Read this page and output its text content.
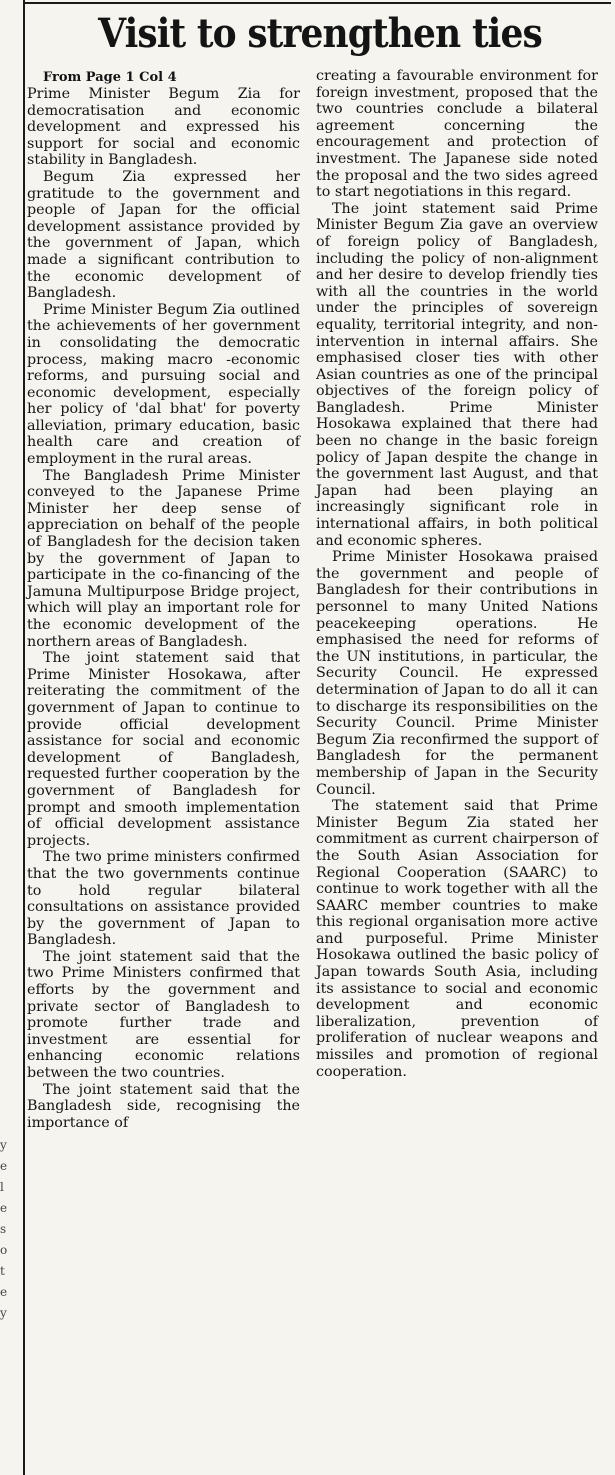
Visit to strengthen ties

From Page 1 Col 4

Prime Minister Begum Zia for democratisation and economic development and expressed his support for social and economic stability in Bangladesh.

Begum Zia expressed her gratitude to the government and people of Japan for the official development assistance provided by the government of Japan, which made a significant contribution to the economic development of Bangladesh.

Prime Minister Begum Zia outlined the achievements of her government in consolidating the democratic process, making macro -economic reforms, and pursuing social and economic development, especially her policy of 'dal bhat' for poverty alleviation, primary education, basic health care and creation of employment in the rural areas.

The Bangladesh Prime Minister conveyed to the Japanese Prime Minister her deep sense of appreciation on behalf of the people of Bangladesh for the decision taken by the government of Japan to participate in the co-financing of the Jamuna Multipurpose Bridge project, which will play an important role for the economic development of the northern areas of Bangladesh.

The joint statement said that Prime Minister Hosokawa, after reiterating the commitment of the government of Japan to continue to provide official development assistance for social and economic development of Bangladesh, requested further cooperation by the government of Bangladesh for prompt and smooth implementation of official development assistance projects.

The two prime ministers confirmed that the two governments continue to hold regular bilateral consultations on assistance provided by the government of Japan to Bangladesh.

The joint statement said that the two Prime Ministers confirmed that efforts by the government and private sector of Bangladesh to promote further trade and investment are essential for enhancing economic relations between the two countries.

The joint statement said that the Bangladesh side, recognising the importance of

creating a favourable environment for foreign investment, proposed that the two countries conclude a bilateral agreement concerning the encouragement and protection of investment. The Japanese side noted the proposal and the two sides agreed to start negotiations in this regard.

The joint statement said Prime Minister Begum Zia gave an overview of foreign policy of Bangladesh, including the policy of non-alignment and her desire to develop friendly ties with all the countries in the world under the principles of sovereign equality, territorial integrity, and non-intervention in internal affairs. She emphasised closer ties with other Asian countries as one of the principal objectives of the foreign policy of Bangladesh. Prime Minister Hosokawa explained that there had been no change in the basic foreign policy of Japan despite the change in the government last August, and that Japan had been playing an increasingly significant role in international affairs, in both political and economic spheres.

Prime Minister Hosokawa praised the government and people of Bangladesh for their contributions in personnel to many United Nations peacekeeping operations. He emphasised the need for reforms of the UN institutions, in particular, the Security Council. He expressed determination of Japan to do all it can to discharge its responsibilities on the Security Council. Prime Minister Begum Zia reconfirmed the support of Bangladesh for the permanent membership of Japan in the Security Council.

The statement said that Prime Minister Begum Zia stated her commitment as current chairperson of the South Asian Association for Regional Cooperation (SAARC) to continue to work together with all the SAARC member countries to make this regional organisation more active and purposeful. Prime Minister Hosokawa outlined the basic policy of Japan towards South Asia, including its assistance to social and economic development and economic liberalization, prevention of proliferation of nuclear weapons and missiles and promotion of regional cooperation.

y
e
l
e
s
o
t
e
y
